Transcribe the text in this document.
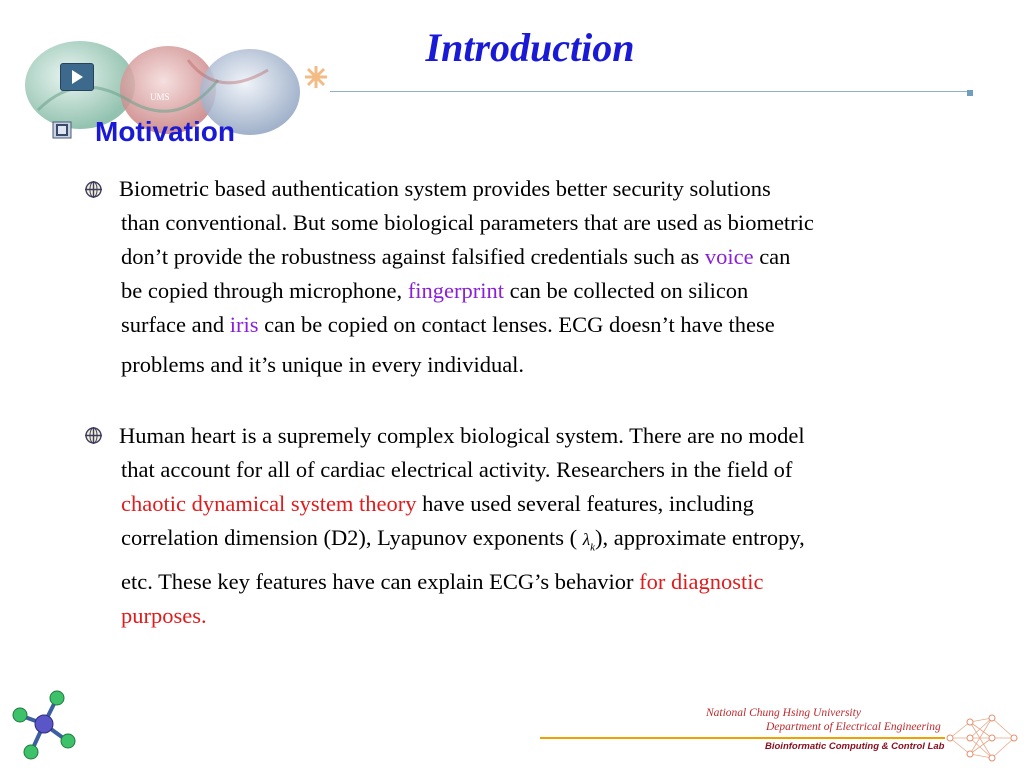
UMS
Introduction
Motivation
Biometric based authentication system provides better security solutions
than conventional. But some biological parameters that are used as biometric
don’t provide the robustness against falsified credentials such as voice can
be copied through microphone, fingerprint can be collected on silicon
surface and iris can be copied on contact lenses. ECG doesn’t have these
problems and it’s unique in every individual.
Human heart is a supremely complex biological system. There are no model
that account for all of cardiac electrical activity. Researchers in the field of
chaotic dynamical system theory have used several features, including
correlation dimension (D2), Lyapunov exponents ( $\lambda_k$), approximate entropy,
etc. These key features have can explain ECG’s behavior for diagnostic
purposes.
National Chung Hsing University
Department of Electrical Engineering
Bioinformatic Computing & Control Lab
